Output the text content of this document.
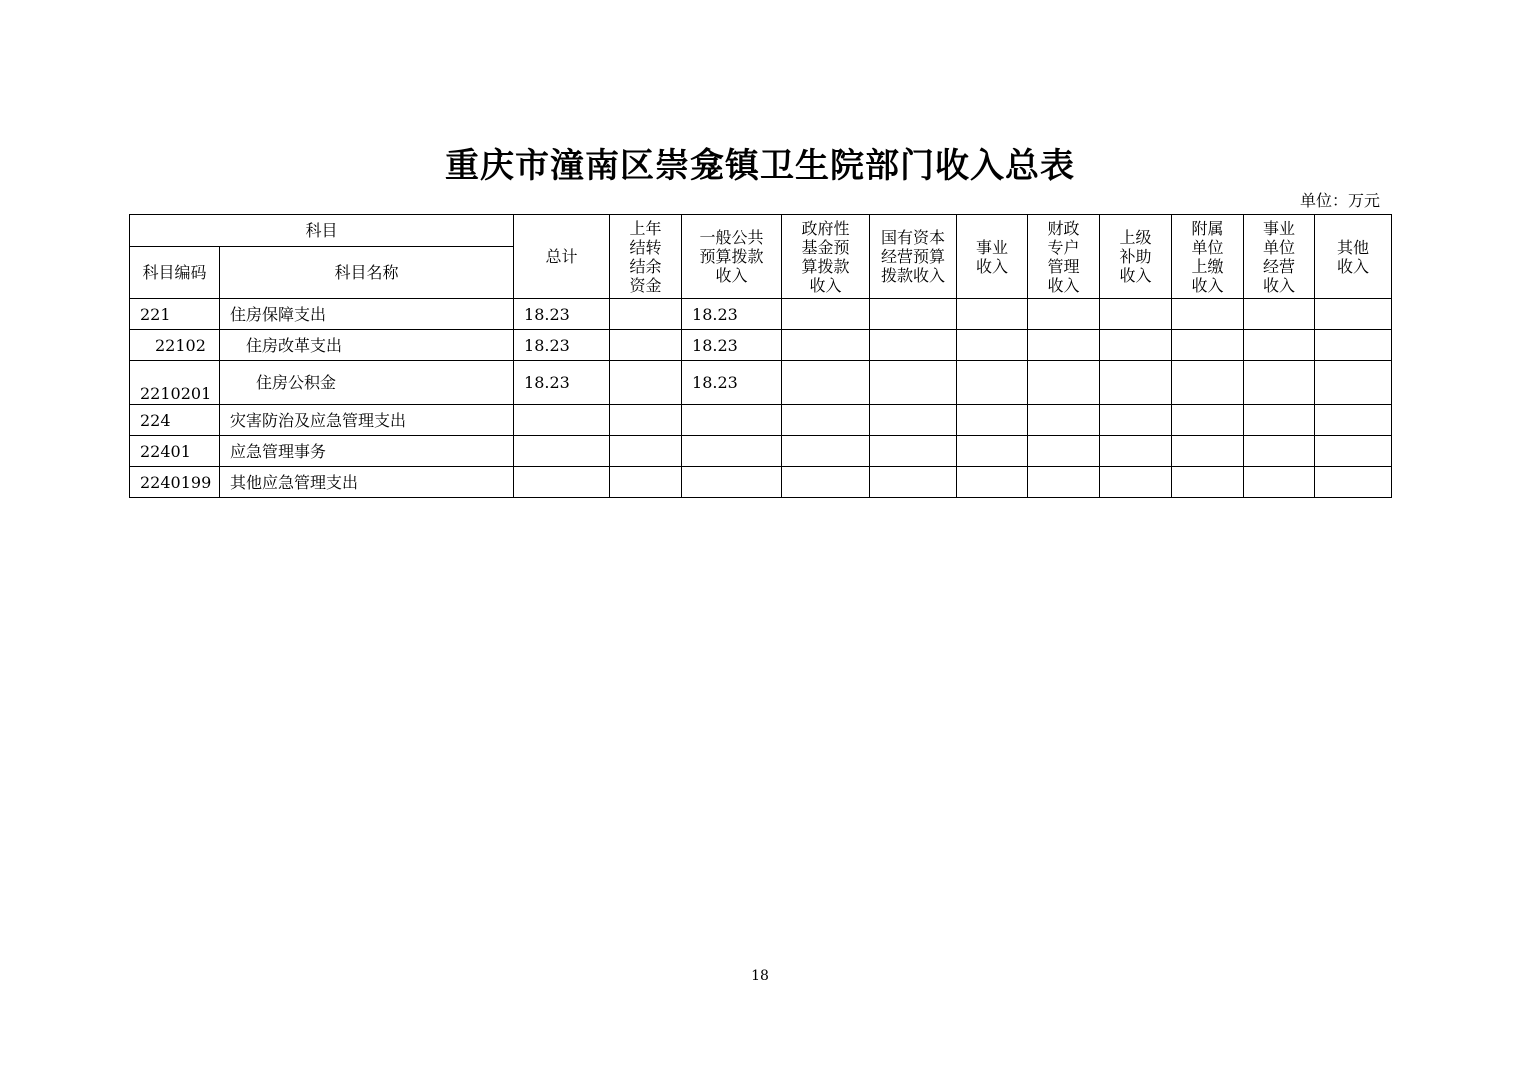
重庆市潼南区崇龛镇卫生院部门收入总表
单位：万元
科目		总计	上年结转结余资金	一般公共预算拨款收入	政府性基金预算拨款收入	国有资本经营预算拨款收入	事业收入	财政专户管理收入	上级补助收入	附属单位上缴收入	事业单位经营收入	其他收入
科目编码	科目名称											
221	住房保障支出	18.23		18.23								
22102	住房改革支出	18.23		18.23								
2210201	住房公积金	18.23		18.23								
224	灾害防治及应急管理支出											
22401	应急管理事务											
2240199	其他应急管理支出											
18
